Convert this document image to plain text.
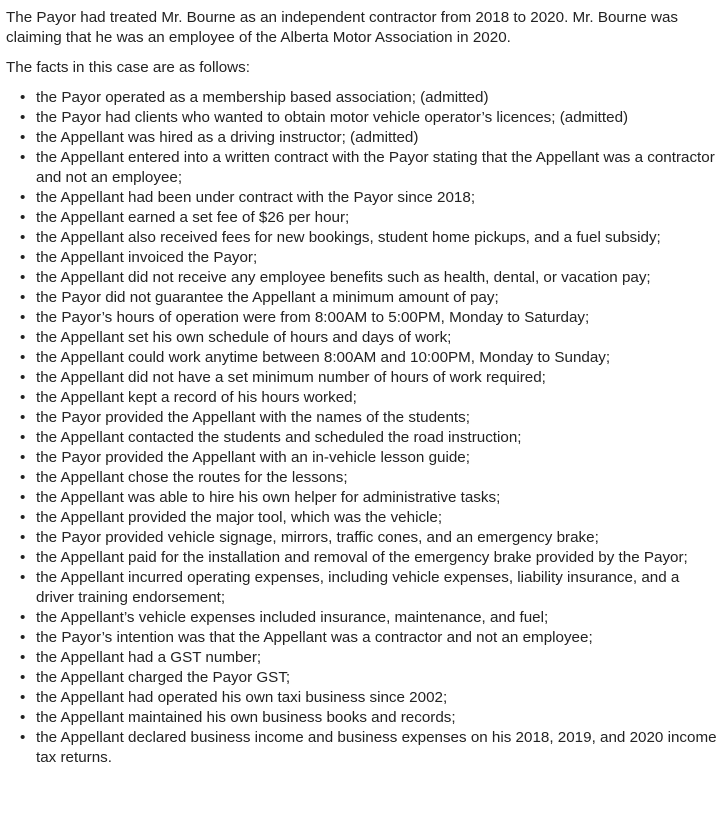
The Payor had treated Mr. Bourne as an independent contractor from 2018 to 2020. Mr. Bourne was claiming that he was an employee of the Alberta Motor Association in 2020.

The facts in this case are as follows:

• the Payor operated as a membership based association; (admitted)
• the Payor had clients who wanted to obtain motor vehicle operator’s licences; (admitted)
• the Appellant was hired as a driving instructor; (admitted)
• the Appellant entered into a written contract with the Payor stating that the Appellant was a contractor and not an employee;
• the Appellant had been under contract with the Payor since 2018;
• the Appellant earned a set fee of $26 per hour;
• the Appellant also received fees for new bookings, student home pickups, and a fuel subsidy;
• the Appellant invoiced the Payor;
• the Appellant did not receive any employee benefits such as health, dental, or vacation pay;
• the Payor did not guarantee the Appellant a minimum amount of pay;
• the Payor’s hours of operation were from 8:00AM to 5:00PM, Monday to Saturday;
• the Appellant set his own schedule of hours and days of work;
• the Appellant could work anytime between 8:00AM and 10:00PM, Monday to Sunday;
• the Appellant did not have a set minimum number of hours of work required;
• the Appellant kept a record of his hours worked;
• the Payor provided the Appellant with the names of the students;
• the Appellant contacted the students and scheduled the road instruction;
• the Payor provided the Appellant with an in-vehicle lesson guide;
• the Appellant chose the routes for the lessons;
• the Appellant was able to hire his own helper for administrative tasks;
• the Appellant provided the major tool, which was the vehicle;
• the Payor provided vehicle signage, mirrors, traffic cones, and an emergency brake;
• the Appellant paid for the installation and removal of the emergency brake provided by the Payor;
• the Appellant incurred operating expenses, including vehicle expenses, liability insurance, and a driver training endorsement;
• the Appellant’s vehicle expenses included insurance, maintenance, and fuel;
• the Payor’s intention was that the Appellant was a contractor and not an employee;
• the Appellant had a GST number;
• the Appellant charged the Payor GST;
• the Appellant had operated his own taxi business since 2002;
• the Appellant maintained his own business books and records;
• the Appellant declared business income and business expenses on his 2018, 2019, and 2020 income tax returns.
